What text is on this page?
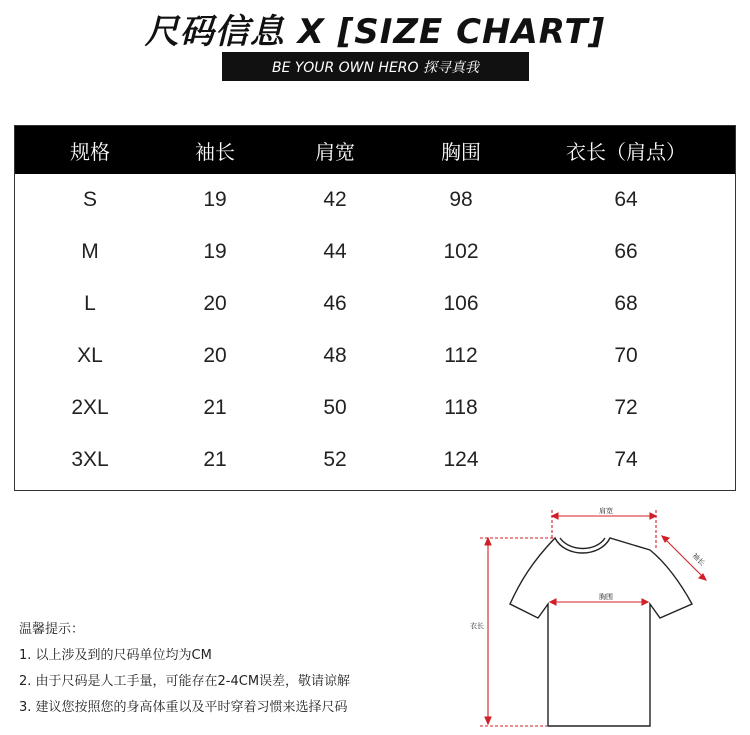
尺码信息 X [SIZE CHART]
BE YOUR OWN HERO 探寻真我
规格	袖长	肩宽	胸围	衣长（肩点）
S	19	42	98	64
M	19	44	102	66
L	20	46	106	68
XL	20	48	112	70
2XL	21	50	118	72
3XL	21	52	124	74
温馨提示：
1. 以上涉及到的尺码单位均为CM
2. 由于尺码是人工手量，可能存在2-4CM误差，敬请谅解
3. 建议您按照您的身高体重以及平时穿着习惯来选择尺码
肩宽
袖长
胸围
衣长
